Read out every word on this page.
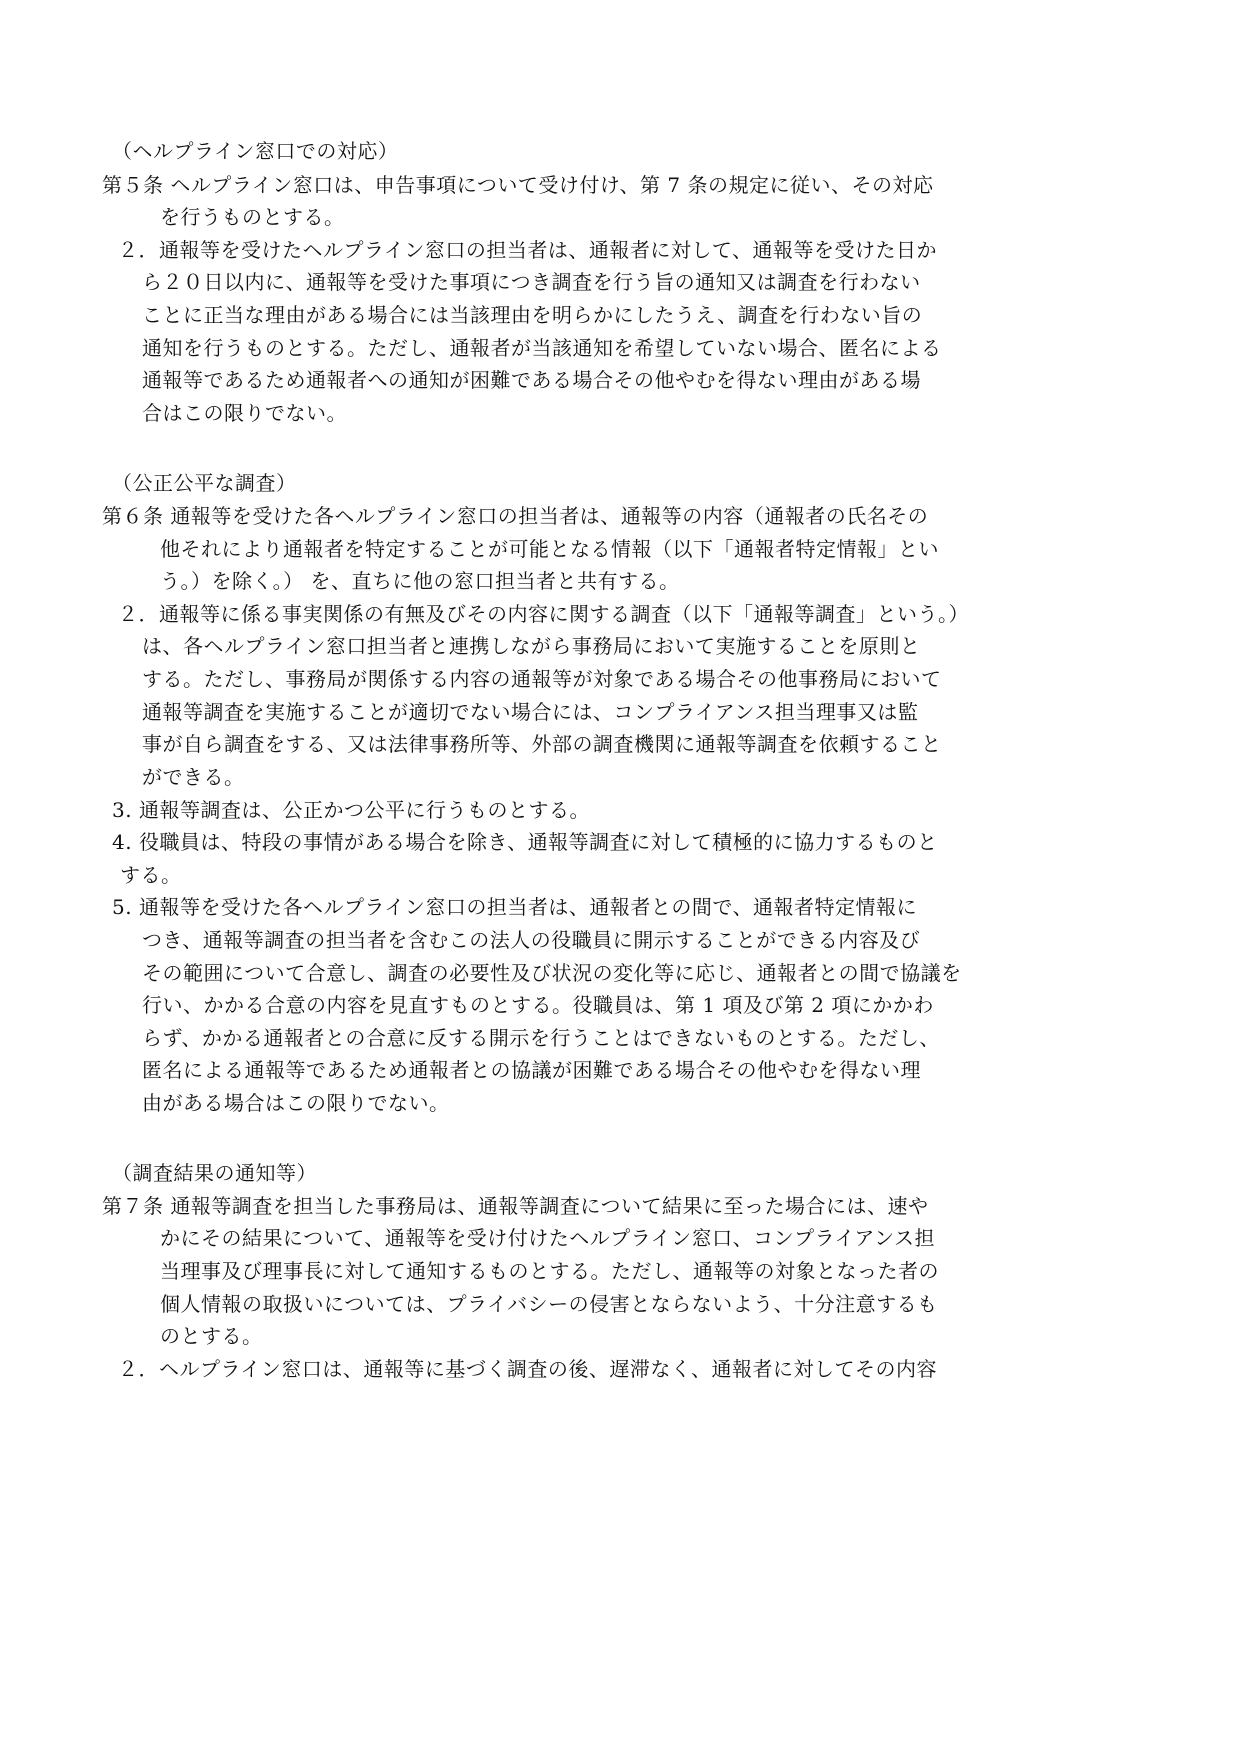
（ヘルプライン窓口での対応）
第５条 ヘルプライン窓口は、申告事項について受け付け、第 7 条の規定に従い、その対応
を行うものとする。
２．通報等を受けたヘルプライン窓口の担当者は、通報者に対して、通報等を受けた日か
ら２０日以内に、通報等を受けた事項につき調査を行う旨の通知又は調査を行わない
ことに正当な理由がある場合には当該理由を明らかにしたうえ、調査を行わない旨の
通知を行うものとする。ただし、通報者が当該通知を希望していない場合、匿名による
通報等であるため通報者への通知が困難である場合その他やむを得ない理由がある場
合はこの限りでない。
（公正公平な調査）
第６条 通報等を受けた各ヘルプライン窓口の担当者は、通報等の内容（通報者の氏名その
他それにより通報者を特定することが可能となる情報（以下「通報者特定情報」とい
う。）を除く。） を、直ちに他の窓口担当者と共有する。
２．通報等に係る事実関係の有無及びその内容に関する調査（以下「通報等調査」という。）
は、各ヘルプライン窓口担当者と連携しながら事務局において実施することを原則と
する。ただし、事務局が関係する内容の通報等が対象である場合その他事務局において
通報等調査を実施することが適切でない場合には、コンプライアンス担当理事又は監
事が自ら調査をする、又は法律事務所等、外部の調査機関に通報等調査を依頼すること
ができる。
3. 通報等調査は、公正かつ公平に行うものとする。
4. 役職員は、特段の事情がある場合を除き、通報等調査に対して積極的に協力するものと
する。
5. 通報等を受けた各ヘルプライン窓口の担当者は、通報者との間で、通報者特定情報に
つき、通報等調査の担当者を含むこの法人の役職員に開示することができる内容及び
その範囲について合意し、調査の必要性及び状況の変化等に応じ、通報者との間で協議を
行い、かかる合意の内容を見直すものとする。役職員は、第 1 項及び第 2 項にかかわ
らず、かかる通報者との合意に反する開示を行うことはできないものとする。ただし、
匿名による通報等であるため通報者との協議が困難である場合その他やむを得ない理
由がある場合はこの限りでない。
（調査結果の通知等）
第７条 通報等調査を担当した事務局は、通報等調査について結果に至った場合には、速や
かにその結果について、通報等を受け付けたヘルプライン窓口、コンプライアンス担
当理事及び理事長に対して通知するものとする。ただし、通報等の対象となった者の
個人情報の取扱いについては、プライバシーの侵害とならないよう、十分注意するも
のとする。
２．ヘルプライン窓口は、通報等に基づく調査の後、遅滞なく、通報者に対してその内容
